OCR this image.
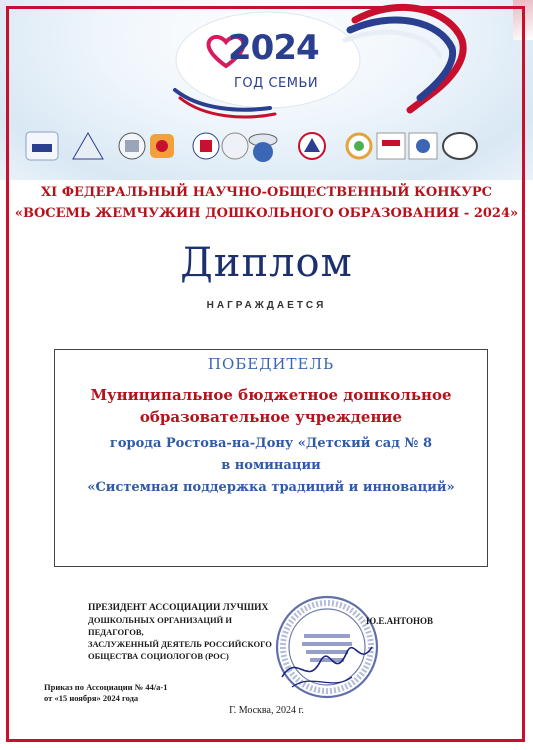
2024
ГОД СЕМЬИ
XI ФЕДЕРАЛЬНЫЙ НАУЧНО-ОБЩЕСТВЕННЫЙ КОНКУРС
«ВОСЕМЬ ЖЕМЧУЖИН ДОШКОЛЬНОГО ОБРАЗОВАНИЯ - 2024»
Диплом
НАГРАЖДАЕТСЯ
ПОБЕДИТЕЛЬ
Муниципальное бюджетное дошкольное
образовательное учреждение
города Ростова-на-Дону «Детский сад № 8
в номинации
«Системная поддержка традиций и инноваций»
ПРЕЗИДЕНТ АССОЦИАЦИИ ЛУЧШИХ
ДОШКОЛЬНЫХ ОРГАНИЗАЦИЙ И ПЕДАГОГОВ,
ЗАСЛУЖЕННЫЙ ДЕЯТЕЛЬ РОССИЙСКОГО
ОБЩЕСТВА СОЦИОЛОГОВ (РОС)
Ю.Е.АНТОНОВ
Приказ по Ассоциации № 44/а-1
от «15 ноября» 2024 года
Г. Москва, 2024 г.
